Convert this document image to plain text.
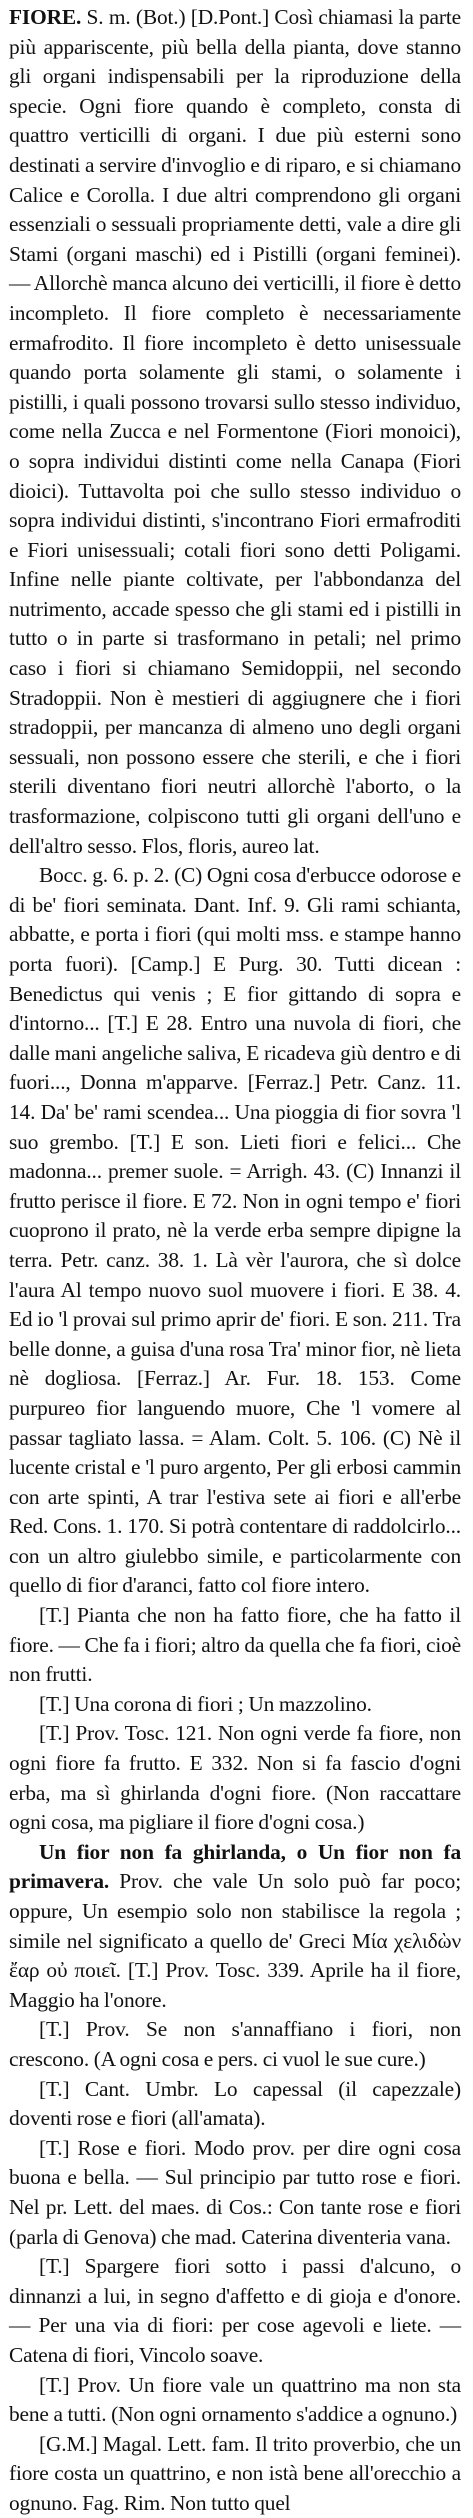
FIORE. S. m. (Bot.) [D.Pont.] Così chiamasi la parte più appariscente, più bella della pianta, dove stanno gli organi indispensabili per la riproduzione della specie. Ogni fiore quando è completo, consta di quattro verticilli di organi. I due più esterni sono destinati a servire d'invoglio e di riparo, e si chiamano Calice e Corolla. I due altri comprendono gli organi essenziali o sessuali propriamente detti, vale a dire gli Stami (organi maschi) ed i Pistilli (organi feminei). — Allorchè manca alcuno dei verticilli, il fiore è detto incompleto. Il fiore completo è necessariamente ermafrodito. Il fiore incompleto è detto unisessuale quando porta solamente gli stami, o solamente i pistilli, i quali possono trovarsi sullo stesso individuo, come nella Zucca e nel Formentone (Fiori monoici), o sopra individui distinti come nella Canapa (Fiori dioici). Tuttavolta poi che sullo stesso individuo o sopra individui distinti, s'incontrano Fiori ermafroditi e Fiori unisessuali; cotali fiori sono detti Poligami. Infine nelle piante coltivate, per l'abbondanza del nutrimento, accade spesso che gli stami ed i pistilli in tutto o in parte si trasformano in petali; nel primo caso i fiori si chiamano Semidoppii, nel secondo Stradoppii. Non è mestieri di aggiugnere che i fiori stradoppii, per mancanza di almeno uno degli organi sessuali, non possono essere che sterili, e che i fiori sterili diventano fiori neutri allorchè l'aborto, o la trasformazione, colpiscono tutti gli organi dell'uno e dell'altro sesso. Flos, floris, aureo lat.

Bocc. g. 6. p. 2. (C) Ogni cosa d'erbucce odorose e di be' fiori seminata. Dant. Inf. 9. Gli rami schianta, abbatte, e porta i fiori (qui molti mss. e stampe hanno porta fuori). [Camp.] E Purg. 30. Tutti dicean : Benedictus qui venis ; E fior gittando di sopra e d'intorno... [T.] E 28. Entro una nuvola di fiori, che dalle mani angeliche saliva, E ricadeva giù dentro e di fuori..., Donna m'apparve. [Ferraz.] Petr. Canz. 11. 14. Da' be' rami scendea... Una pioggia di fior sovra 'l suo grembo. [T.] E son. Lieti fiori e felici... Che madonna... premer suole. = Arrigh. 43. (C) Innanzi il frutto perisce il fiore. E 72. Non in ogni tempo e' fiori cuoprono il prato, nè la verde erba sempre dipigne la terra. Petr. canz. 38. 1. Là vèr l'aurora, che sì dolce l'aura Al tempo nuovo suol muovere i fiori. E 38. 4. Ed io 'l provai sul primo aprir de' fiori. E son. 211. Tra belle donne, a guisa d'una rosa Tra' minor fior, nè lieta nè dogliosa. [Ferraz.] Ar. Fur. 18. 153. Come purpureo fior languendo muore, Che 'l vomere al passar tagliato lassa. = Alam. Colt. 5. 106. (C) Nè il lucente cristal e 'l puro argento, Per gli erbosi cammin con arte spinti, A trar l'estiva sete ai fiori e all'erbe Red. Cons. 1. 170. Si potrà contentare di raddolcirlo... con un altro giulebbo simile, e particolarmente con quello di fior d'aranci, fatto col fiore intero.

[T.] Pianta che non ha fatto fiore, che ha fatto il fiore. — Che fa i fiori; altro da quella che fa fiori, cioè non frutti.

[T.] Una corona di fiori ; Un mazzolino.

[T.] Prov. Tosc. 121. Non ogni verde fa fiore, non ogni fiore fa frutto. E 332. Non si fa fascio d'ogni erba, ma sì ghirlanda d'ogni fiore. (Non raccattare ogni cosa, ma pigliare il fiore d'ogni cosa.)

Un fior non fa ghirlanda, o Un fior non fa primavera. Prov. che vale Un solo può far poco; oppure, Un esempio solo non stabilisce la regola ; simile nel significato a quello de' Greci Μία χελιδὼν ἔαρ οὐ ποιεῖ. [T.] Prov. Tosc. 339. Aprile ha il fiore, Maggio ha l'onore.

[T.] Prov. Se non s'annaffiano i fiori, non crescono. (A ogni cosa e pers. ci vuol le sue cure.)

[T.] Cant. Umbr. Lo capessal (il capezzale) doventi rose e fiori (all'amata).

[T.] Rose e fiori. Modo prov. per dire ogni cosa buona e bella. — Sul principio par tutto rose e fiori. Nel pr. Lett. del maes. di Cos.: Con tante rose e fiori (parla di Genova) che mad. Caterina diventeria vana.

[T.] Spargere fiori sotto i passi d'alcuno, o dinnanzi a lui, in segno d'affetto e di gioja e d'onore. — Per una via di fiori: per cose agevoli e liete. — Catena di fiori, Vincolo soave.

[T.] Prov. Un fiore vale un quattrino ma non sta bene a tutti. (Non ogni ornamento s'addice a ognuno.)

[G.M.] Magal. Lett. fam. Il trito proverbio, che un fiore costa un quattrino, e non istà bene all'orecchio a ognuno. Fag. Rim. Non tutto quel
